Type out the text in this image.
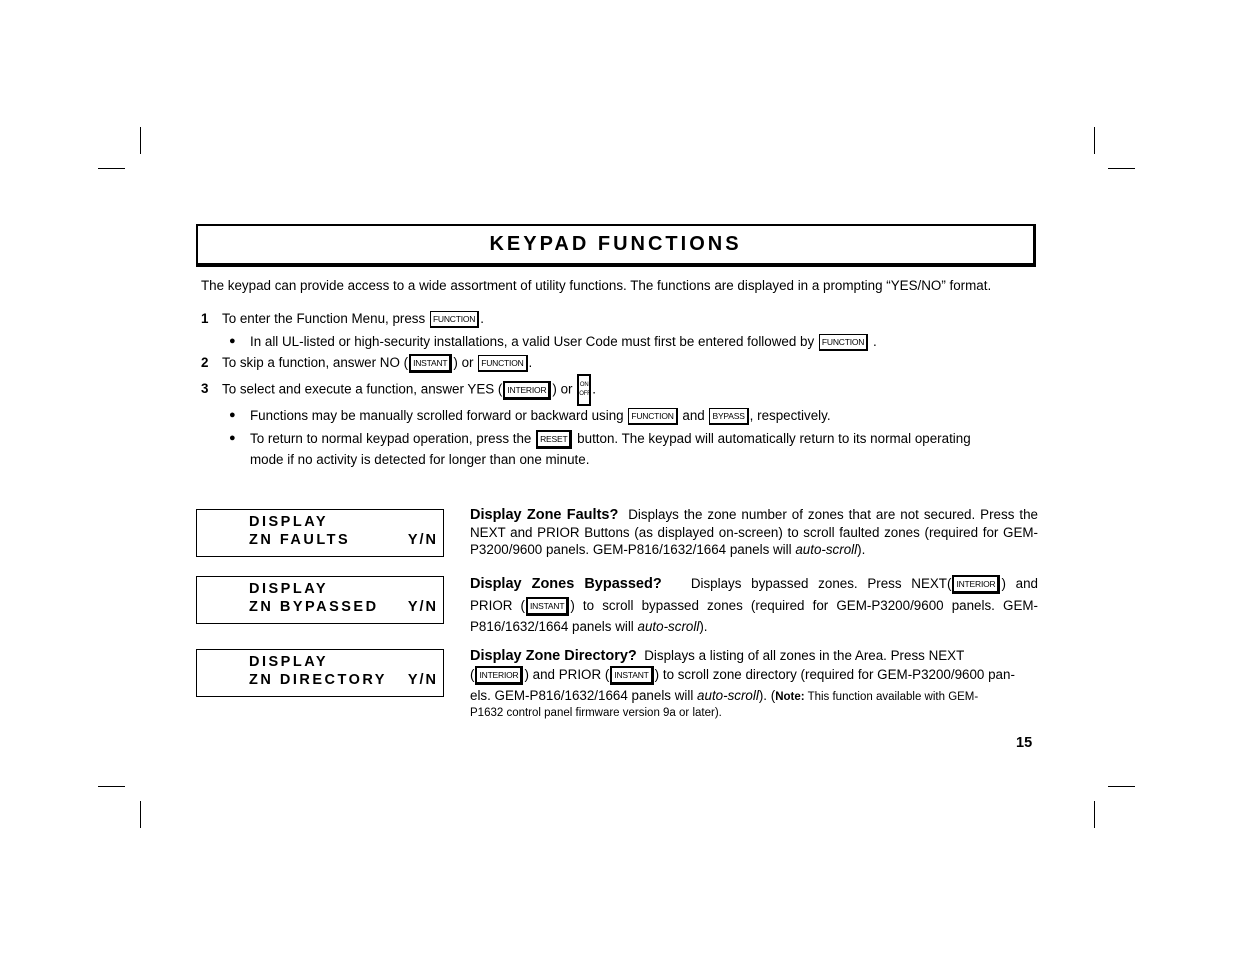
KEYPAD FUNCTIONS
The keypad can provide access to a wide assortment of utility functions. The functions are displayed in a prompting “YES/NO” format.
1 To enter the Function Menu, press FUNCTION .
● In all UL-listed or high-security installations, a valid User Code must first be entered followed by FUNCTION .
2 To skip a function, answer NO ( INSTANT ) or FUNCTION .
3 To select and execute a function, answer YES ( INTERIOR ) or ON
OFF .
● Functions may be manually scrolled forward or backward using FUNCTION and BYPASS , respectively.
● To return to normal keypad operation, press the RESET button. The keypad will automatically return to its normal operating
mode if no activity is detected for longer than one minute.
DISPLAY
ZN FAULTS	Y/N
DISPLAY
ZN BYPASSED Y/N
DISPLAY
ZN DIRECTORY Y/N
Display Zone Faults? Displays the zone number of zones that are not secured. Press the NEXT and PRIOR Buttons (as displayed on-screen) to scroll faulted zones (required for GEM-P3200/9600 panels. GEM-P816/1632/1664 panels will auto-scroll).
Display Zones Bypassed? Displays bypassed zones. Press NEXT( INTERIOR ) and
PRIOR ( INSTANT ) to scroll bypassed zones (required for GEM-P3200/9600 panels. GEM-
P816/1632/1664 panels will auto-scroll).
Display Zone Directory? Displays a listing of all zones in the Area. Press NEXT
( INTERIOR ) and PRIOR ( INSTANT ) to scroll zone directory (required for GEM-P3200/9600 pan-
els. GEM-P816/1632/1664 panels will auto-scroll). (Note: This function available with GEM-
P1632 control panel firmware version 9a or later).
15
